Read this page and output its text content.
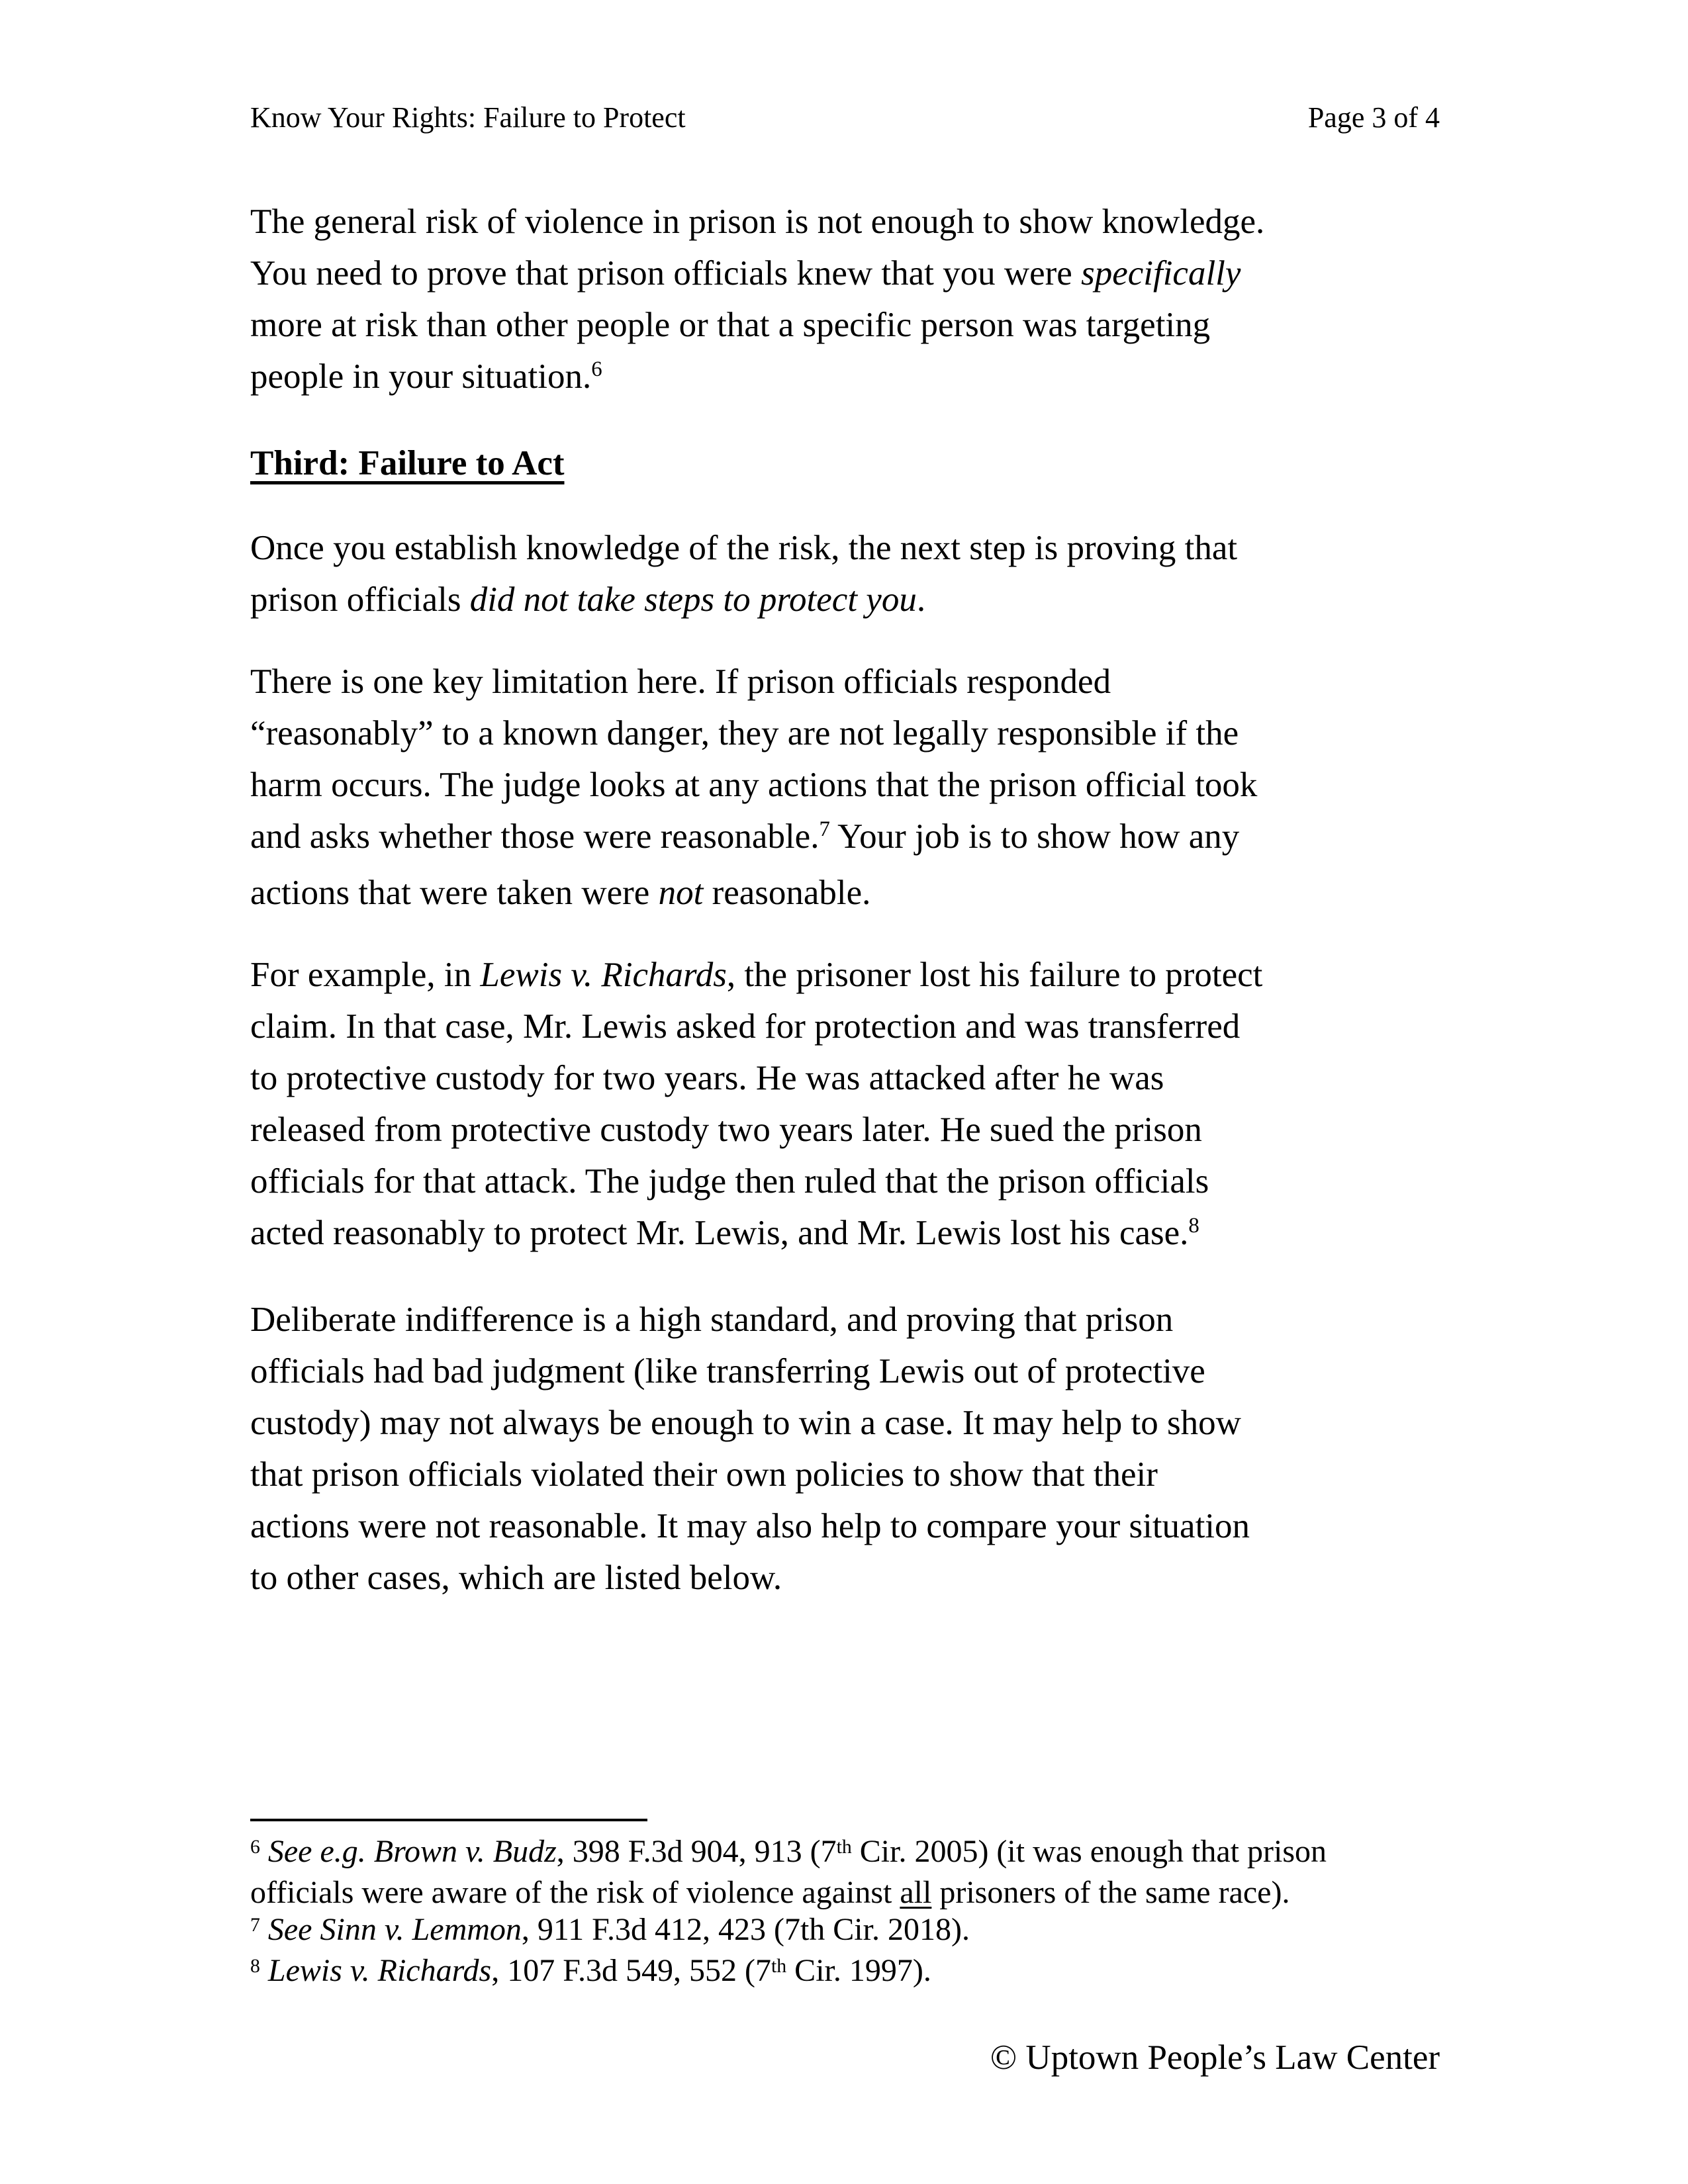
Know Your Rights: Failure to Protect	Page 3 of 4
The general risk of violence in prison is not enough to show knowledge.
You need to prove that prison officials knew that you were specifically
more at risk than other people or that a specific person was targeting
people in your situation.$^6$
Third: Failure to Act
Once you establish knowledge of the risk, the next step is proving that
prison officials did not take steps to protect you.
There is one key limitation here. If prison officials responded
“reasonably” to a known danger, they are not legally responsible if the
harm occurs. The judge looks at any actions that the prison official took
and asks whether those were reasonable.$^7$ Your job is to show how any
actions that were taken were not reasonable.
For example, in Lewis v. Richards, the prisoner lost his failure to protect
claim. In that case, Mr. Lewis asked for protection and was transferred
to protective custody for two years. He was attacked after he was
released from protective custody two years later. He sued the prison
officials for that attack. The judge then ruled that the prison officials
acted reasonably to protect Mr. Lewis, and Mr. Lewis lost his case.$^8$
Deliberate indifference is a high standard, and proving that prison
officials had bad judgment (like transferring Lewis out of protective
custody) may not always be enough to win a case. It may help to show
that prison officials violated their own policies to show that their
actions were not reasonable. It may also help to compare your situation
to other cases, which are listed below.
$^6$ See e.g. Brown v. Budz, 398 F.3d 904, 913 (7th Cir. 2005) (it was enough that prison
officials were aware of the risk of violence against all prisoners of the same race).
$^7$ See Sinn v. Lemmon, 911 F.3d 412, 423 (7th Cir. 2018).
$^8$ Lewis v. Richards, 107 F.3d 549, 552 (7th Cir. 1997).
© Uptown People’s Law Center
